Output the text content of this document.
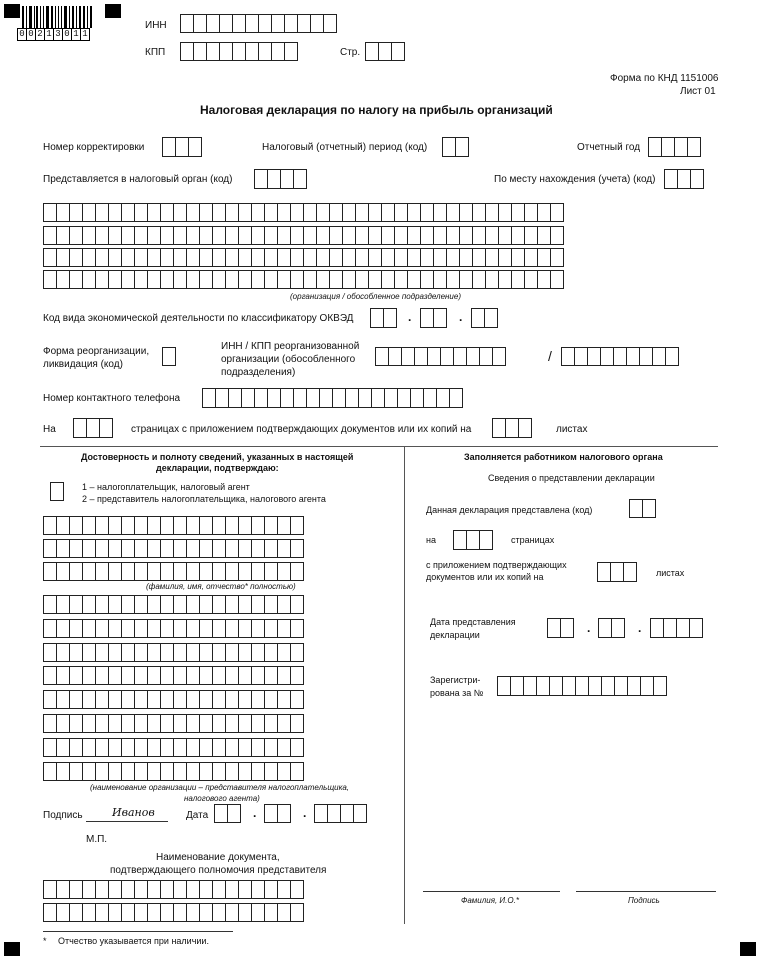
0 0 2 1 3 0 1 1
ИНН
КПП	Стр.
Форма по КНД 1151006
Лист 01
Налоговая декларация по налогу на прибыль организаций
Номер корректировки	Налоговый (отчетный) период (код)	Отчетный год
Представляется в налоговый орган (код)	По месту нахождения (учета) (код)
(организация / обособленное подразделение)
Код вида экономической деятельности по классификатору ОКВЭД	.	.
Форма реорганизации,
ликвидация (код)
ИНН / КПП реорганизованной
организации (обособленного
подразделения)
/
Номер контактного телефона
На	страницах с приложением подтверждающих документов или их копий на	листах
Достоверность и полноту сведений, указанных в настоящей
декларации, подтверждаю:
1 – налогоплательщик, налоговый агент
2 – представитель налогоплательщика, налогового агента
(фамилия, имя, отчество* полностью)
(наименование организации – представителя налогоплательщика,
налогового агента)
Подпись	Иванов	Дата	.	.
М.П.
Наименование документа,
подтверждающего полномочия представителя
Заполняется работником налогового органа
Сведения о представлении декларации
Данная декларация представлена (код)
на	страницах
с приложением подтверждающих
документов или их копий на	листах
Дата представления
декларации	.	.
Зарегистри-
рована за №
Фамилия, И.О.*	Подпись
* Отчество указывается при наличии.
